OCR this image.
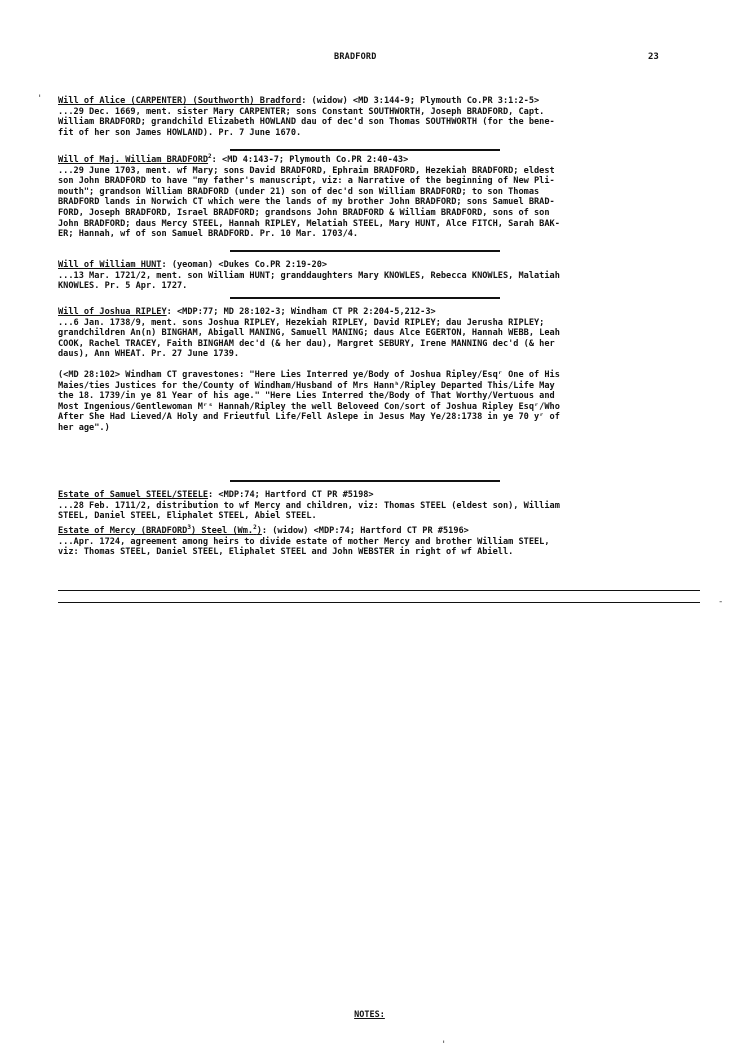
BRADFORD	23
' Will of Alice (CARPENTER) (Southworth) Bradford: (widow) <MD 3:144-9; Plymouth Co.PR 3:1:2-5>

...29 Dec. 1669, ment. sister Mary CARPENTER; sons Constant SOUTHWORTH, Joseph BRADFORD, Capt.

William BRADFORD; grandchild Elizabeth HOWLAND dau of dec'd son Thomas SOUTHWORTH (for the bene-

fit of her son James HOWLAND). Pr. 7 June 1670.

Will of Maj. William $BRADFORD^2$: <MD 4:143-7; Plymouth Co.PR 2:40-43>

...29 June 1703, ment. wf Mary; sons David BRADFORD, Ephraim BRADFORD, Hezekiah BRADFORD; eldest

son John BRADFORD to have "my father's manuscript, viz: a Narrative of the beginning of New Pli-

mouth"; grandson William BRADFORD (under 21) son of dec'd son William BRADFORD; to son Thomas

BRADFORD lands in Norwich CT which were the lands of my brother John BRADFORD; sons Samuel BRAD-

FORD, Joseph BRADFORD, Israel BRADFORD; grandsons John BRADFORD & William BRADFORD, sons of son

John BRADFORD; daus Mercy STEEL, Hannah RIPLEY, Melatiah STEEL, Mary HUNT, Alce FITCH, Sarah BAK-

ER; Hannah, wf of son Samuel BRADFORD. Pr. 10 Mar. 1703/4.

Will of William HUNT: (yeoman) <Dukes Co.PR 2:19-20>

...13 Mar. 1721/2, ment. son William HUNT; granddaughters Mary KNOWLES, Rebecca KNOWLES, Malatiah

KNOWLES. Pr. 5 Apr. 1727.

Will of Joshua RIPLEY: <MDP:77; MD 28:102-3; Windham CT PR 2:204-5,212-3>

...6 Jan. 1738/9, ment. sons Joshua RIPLEY, Hezekiah RIPLEY, David RIPLEY; dau Jerusha RIPLEY;

grandchildren An(n) BINGHAM, Abigall MANING, Samuell MANING; daus Alce EGERTON, Hannah WEBB, Leah

COOK, Rachel TRACEY, Faith BINGHAM dec'd (& her dau), Margret SEBURY, Irene MANNING dec'd (& her

daus), Ann WHEAT. Pr. 27 June 1739.

(<MD 28:102> Windham CT gravestones: "Here Lies Interred ye/Body of Joshua Ripley/Esqʳ One of His

Maies/ties Justices for the/County of Windham/Husband of Mrs Hannʰ/Ripley Departed This/Life May

the 18. 1739/in ye 81 Year of his age." "Here Lies Interred the/Body of That Worthy/Vertuous and

Most Ingenious/Gentlewoman Mʳˢ Hannah/Ripley the well Beloveed Con/sort of Joshua Ripley Esqʳ/Who

After She Had Lieved/A Holy and Frieutful Life/Fell Aslepe in Jesus May Ye/28:1738 in ye 70 yʳ of

her age".)

Estate of Samuel STEEL/STEELE: <MDP:74; Hartford CT PR #5198>

...28 Feb. 1711/2, distribution to wf Mercy and children, viz: Thomas STEEL (eldest son), William

STEEL, Daniel STEEL, Eliphalet STEEL, Abiel STEEL.

Estate of Mercy (BRADFORD$^3$) Steel (Wm.$^2$): (widow) <MDP:74; Hartford CT PR #5196>

...Apr. 1724, agreement among heirs to divide estate of mother Mercy and brother William STEEL,

viz: Thomas STEEL, Daniel STEEL, Eliphalet STEEL and John WEBSTER in right of wf Abiell.

-
NOTES:
'
